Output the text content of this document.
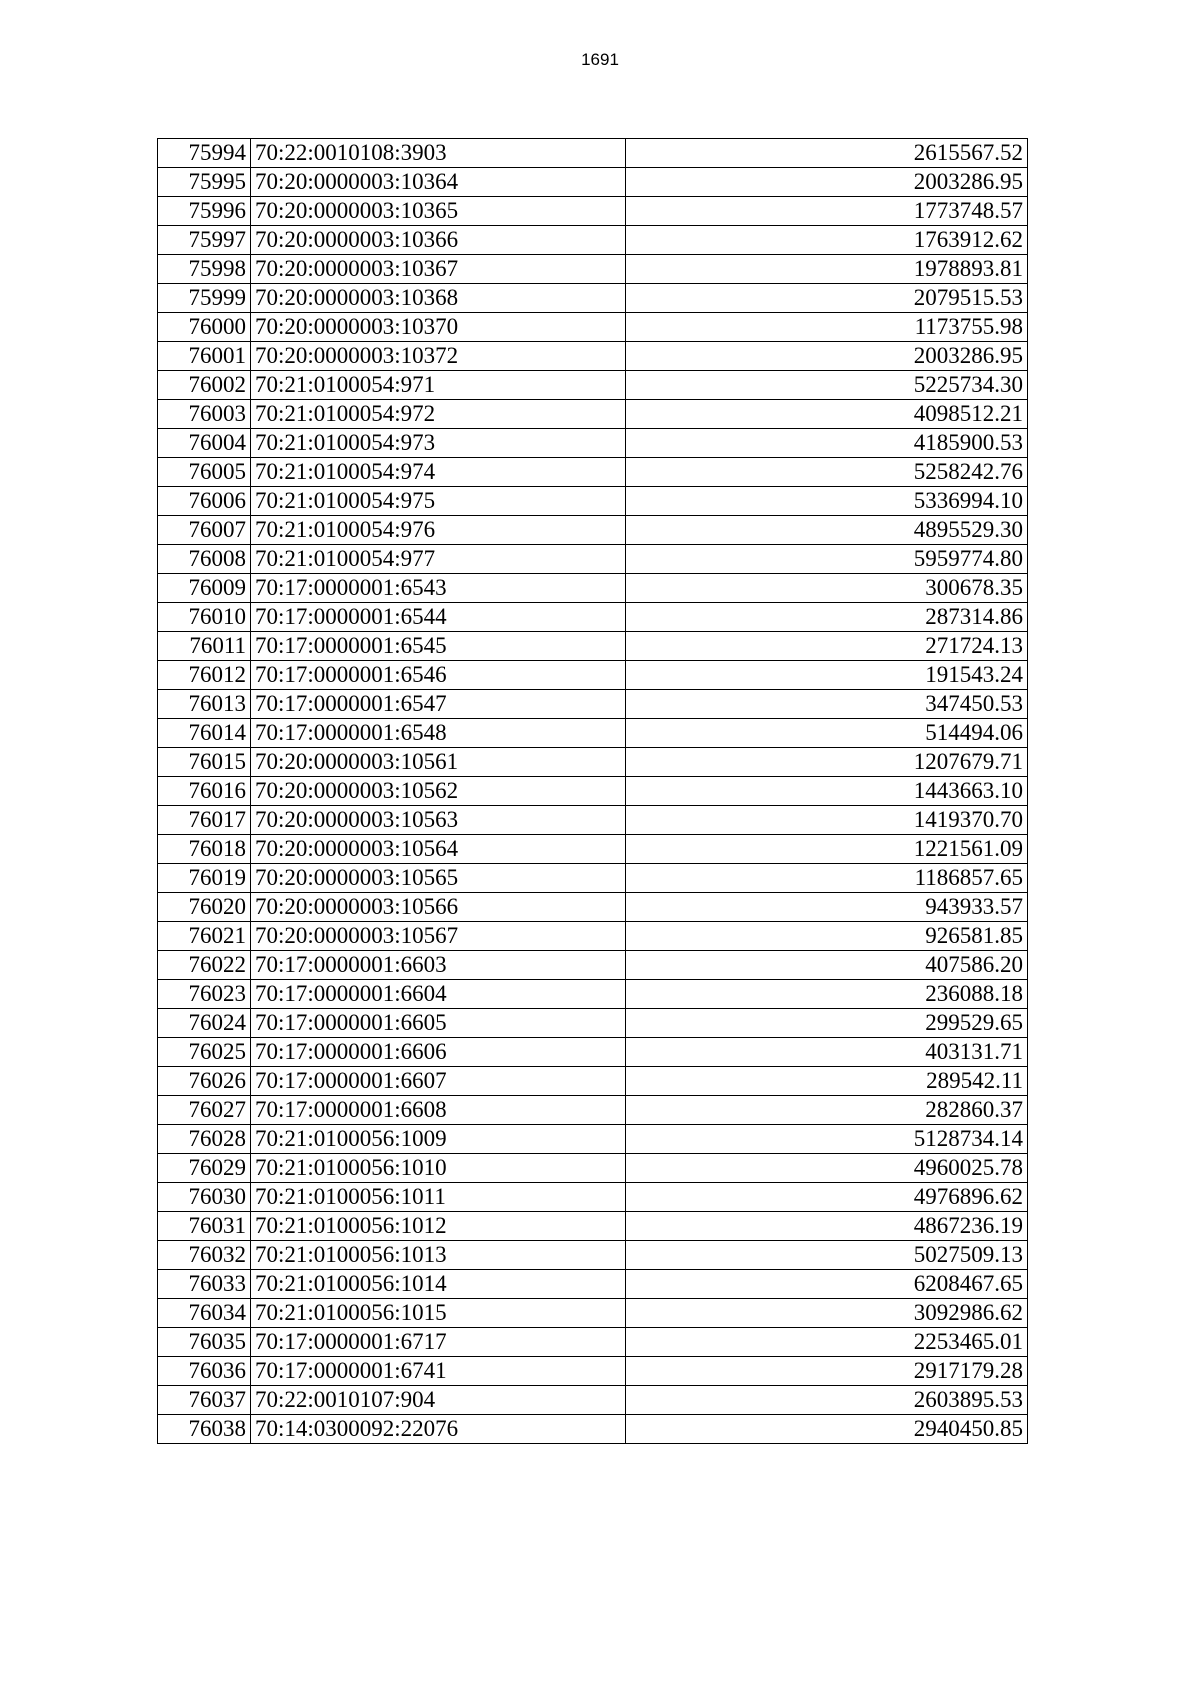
1691
75994	70:22:0010108:3903	2615567.52
75995	70:20:0000003:10364	2003286.95
75996	70:20:0000003:10365	1773748.57
75997	70:20:0000003:10366	1763912.62
75998	70:20:0000003:10367	1978893.81
75999	70:20:0000003:10368	2079515.53
76000	70:20:0000003:10370	1173755.98
76001	70:20:0000003:10372	2003286.95
76002	70:21:0100054:971	5225734.30
76003	70:21:0100054:972	4098512.21
76004	70:21:0100054:973	4185900.53
76005	70:21:0100054:974	5258242.76
76006	70:21:0100054:975	5336994.10
76007	70:21:0100054:976	4895529.30
76008	70:21:0100054:977	5959774.80
76009	70:17:0000001:6543	300678.35
76010	70:17:0000001:6544	287314.86
76011	70:17:0000001:6545	271724.13
76012	70:17:0000001:6546	191543.24
76013	70:17:0000001:6547	347450.53
76014	70:17:0000001:6548	514494.06
76015	70:20:0000003:10561	1207679.71
76016	70:20:0000003:10562	1443663.10
76017	70:20:0000003:10563	1419370.70
76018	70:20:0000003:10564	1221561.09
76019	70:20:0000003:10565	1186857.65
76020	70:20:0000003:10566	943933.57
76021	70:20:0000003:10567	926581.85
76022	70:17:0000001:6603	407586.20
76023	70:17:0000001:6604	236088.18
76024	70:17:0000001:6605	299529.65
76025	70:17:0000001:6606	403131.71
76026	70:17:0000001:6607	289542.11
76027	70:17:0000001:6608	282860.37
76028	70:21:0100056:1009	5128734.14
76029	70:21:0100056:1010	4960025.78
76030	70:21:0100056:1011	4976896.62
76031	70:21:0100056:1012	4867236.19
76032	70:21:0100056:1013	5027509.13
76033	70:21:0100056:1014	6208467.65
76034	70:21:0100056:1015	3092986.62
76035	70:17:0000001:6717	2253465.01
76036	70:17:0000001:6741	2917179.28
76037	70:22:0010107:904	2603895.53
76038	70:14:0300092:22076	2940450.85
